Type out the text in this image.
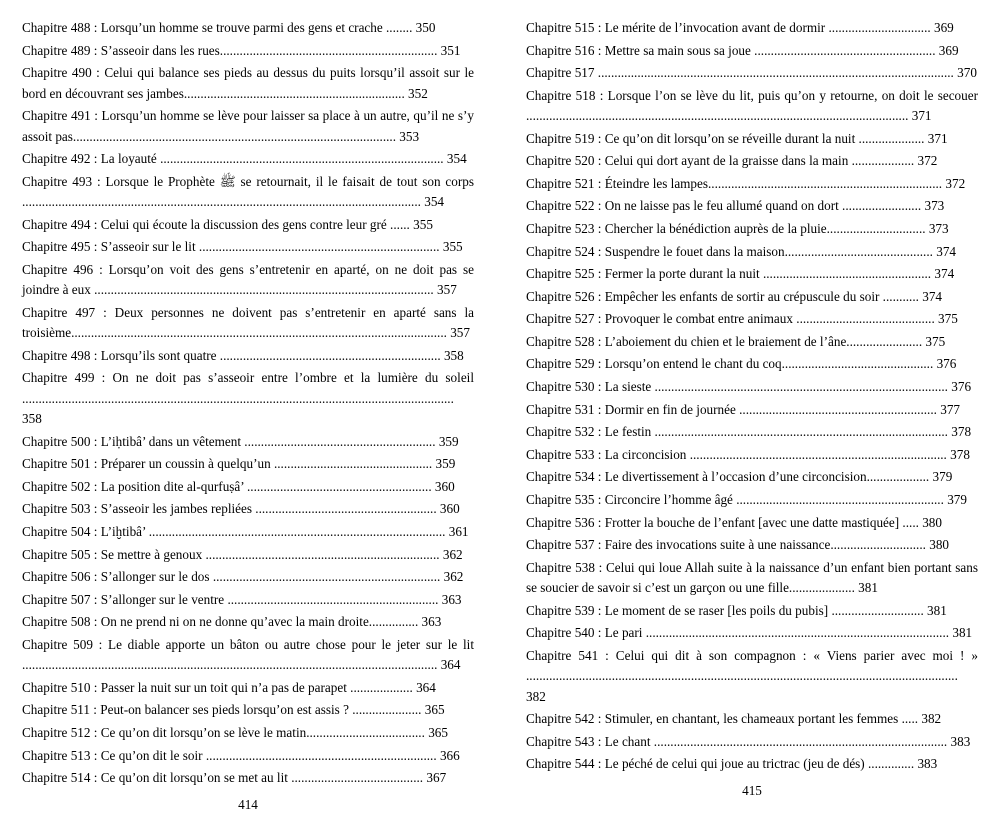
Chapitre 488 : Lorsqu’un homme se trouve parmi des gens et crache ........ 350
Chapitre 489 : S’asseoir dans les rues.................................................................. 351
Chapitre 490 : Celui qui balance ses pieds au dessus du puits lorsqu’il assoit sur le bord en découvrant ses jambes................................................................... 352
Chapitre 491 : Lorsqu’un homme se lève pour laisser sa place à un autre, qu’il ne s’y assoit pas.................................................................................................. 353
Chapitre 492 : La loyauté ...................................................................................... 354
Chapitre 493 : Lorsque le Prophète ﷺ se retournait, il le faisait de tout son corps ......................................................................................................................... 354
Chapitre 494 : Celui qui écoute la discussion des gens contre leur gré ...... 355
Chapitre 495 : S’asseoir sur le lit ......................................................................... 355
Chapitre 496 : Lorsqu’on voit des gens s’entretenir en aparté, on ne doit pas se joindre à eux ....................................................................................................... 357
Chapitre 497 : Deux personnes ne doivent pas s’entretenir en aparté sans la troisième.................................................................................................................. 357
Chapitre 498 : Lorsqu’ils sont quatre ................................................................... 358
Chapitre 499 : On ne doit pas s’asseoir entre l’ombre et la lumière du soleil ................................................................................................................................... 358
Chapitre 500 : L’iḥtibâ’ dans un vêtement .......................................................... 359
Chapitre 501 : Préparer un coussin à quelqu’un ................................................ 359
Chapitre 502 : La position dite al-qurfuṣâ’ ........................................................ 360
Chapitre 503 : S’asseoir les jambes repliées ....................................................... 360
Chapitre 504 : L’iḫtibâ’ .......................................................................................... 361
Chapitre 505 : Se mettre à genoux ....................................................................... 362
Chapitre 506 : S’allonger sur le dos ..................................................................... 362
Chapitre 507 : S’allonger sur le ventre ................................................................ 363
Chapitre 508 : On ne prend ni on ne donne qu’avec la main droite............... 363
Chapitre 509 : Le diable apporte un bâton ou autre chose pour le jeter sur le lit .............................................................................................................................. 364
Chapitre 510 : Passer la nuit sur un toit qui n’a pas de parapet ................... 364
Chapitre 511 : Peut-on balancer ses pieds lorsqu’on est assis ? ..................... 365
Chapitre 512 : Ce qu’on dit lorsqu’on se lève le matin.................................... 365
Chapitre 513 : Ce qu’on dit le soir ...................................................................... 366
Chapitre 514 : Ce qu’on dit lorsqu’on se met au lit ........................................ 367
414
Chapitre 515 : Le mérite de l’invocation avant de dormir ............................... 369
Chapitre 516 : Mettre sa main sous sa joue ....................................................... 369
Chapitre 517 ............................................................................................................ 370
Chapitre 518 : Lorsque l’on se lève du lit, puis qu’on y retourne, on doit le secouer .................................................................................................................... 371
Chapitre 519 : Ce qu’on dit lorsqu’on se réveille durant la nuit .................... 371
Chapitre 520 : Celui qui dort ayant de la graisse dans la main ................... 372
Chapitre 521 : Éteindre les lampes....................................................................... 372
Chapitre 522 : On ne laisse pas le feu allumé quand on dort ........................ 373
Chapitre 523 : Chercher la bénédiction auprès de la pluie.............................. 373
Chapitre 524 : Suspendre le fouet dans la maison............................................. 374
Chapitre 525 : Fermer la porte durant la nuit ................................................... 374
Chapitre 526 : Empêcher les enfants de sortir au crépuscule du soir ........... 374
Chapitre 527 : Provoquer le combat entre animaux .......................................... 375
Chapitre 528 : L’aboiement du chien et le braiement de l’âne....................... 375
Chapitre 529 : Lorsqu’on entend le chant du coq.............................................. 376
Chapitre 530 : La sieste ......................................................................................... 376
Chapitre 531 : Dormir en fin de journée ............................................................ 377
Chapitre 532 : Le festin ......................................................................................... 378
Chapitre 533 : La circoncision .............................................................................. 378
Chapitre 534 : Le divertissement à l’occasion d’une circoncision................... 379
Chapitre 535 : Circoncire l’homme âgé ............................................................... 379
Chapitre 536 : Frotter la bouche de l’enfant [avec une datte mastiquée] ..... 380
Chapitre 537 : Faire des invocations suite à une naissance............................. 380
Chapitre 538 : Celui qui loue Allah suite à la naissance d’un enfant bien portant sans se soucier de savoir si c’est un garçon ou une fille.................... 381
Chapitre 539 : Le moment de se raser [les poils du pubis] ............................ 381
Chapitre 540 : Le pari ............................................................................................ 381
Chapitre 541 : Celui qui dit à son compagnon : « Viens parier avec moi ! » ................................................................................................................................... 382
Chapitre 542 : Stimuler, en chantant, les chameaux portant les femmes ..... 382
Chapitre 543 : Le chant ......................................................................................... 383
Chapitre 544 : Le péché de celui qui joue au trictrac (jeu de dés) .............. 383
415
